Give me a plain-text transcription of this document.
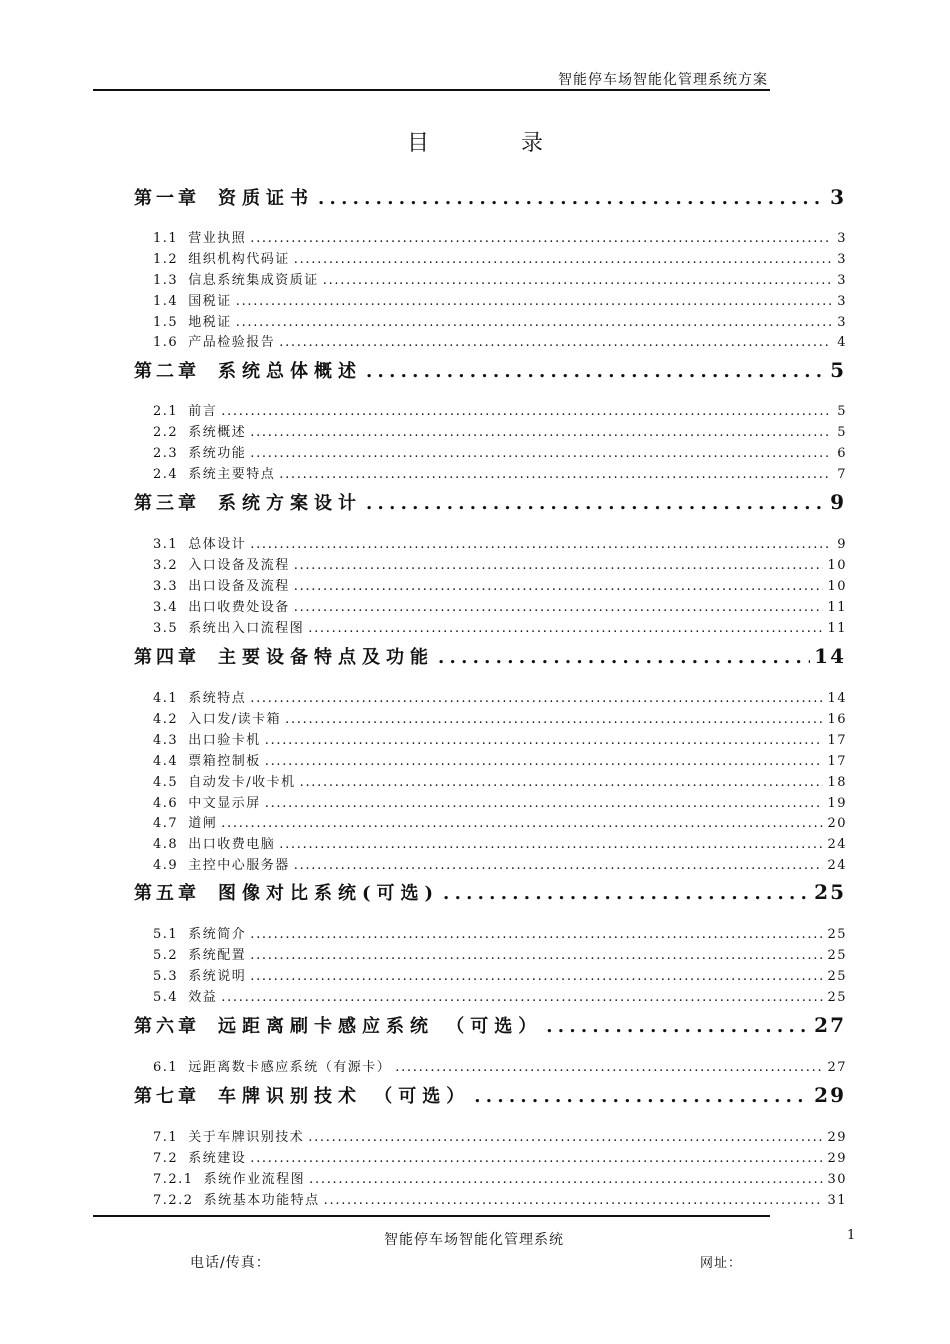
智能停车场智能化管理系统方案
目录
第一章 资质证书 . . .	3
1.1 营业执照 . . .	3
1.2 组织机构代码证 . . .	3
1.3 信息系统集成资质证 . . .	3
1.4 国税证 . . .	3
1.5 地税证 . . .	3
1.6 产品检验报告 . . .	4
第二章 系统总体概述 . . .	5
2.1 前言 . . .	5
2.2 系统概述 . . .	5
2.3 系统功能 . . .	6
2.4 系统主要特点 . . .	7
第三章 系统方案设计 . . .	9
3.1 总体设计 . . .	9
3.2 入口设备及流程 . . .	10
3.3 出口设备及流程 . . .	10
3.4 出口收费处设备 . . .	11
3.5 系统出入口流程图 . . .	11
第四章 主要设备特点及功能 . . .	14
4.1 系统特点 . . .	14
4.2 入口发/读卡箱 . . .	16
4.3 出口验卡机 . . .	17
4.4 票箱控制板 . . .	17
4.5 自动发卡/收卡机 . . .	18
4.6 中文显示屏 . . .	19
4.7 道闸 . . .	20
4.8 出口收费电脑 . . .	24
4.9 主控中心服务器 . . .	24
第五章 图像对比系统(可选) . . .	25
5.1 系统简介 . . .	25
5.2 系统配置 . . .	25
5.3 系统说明 . . .	25
5.4 效益 . . .	25
第六章 远距离刷卡感应系统 （可选） . . .	27
6.1 远距离数卡感应系统（有源卡） . . .	27
第七章 车牌识别技术 （可选） . . .	29
7.1 关于车牌识别技术 . . .	29
7.2 系统建设 . . .	29
7.2.1 系统作业流程图 . . .	30
7.2.2 系统基本功能特点 . . .	31
智能停车场智能化管理系统	1
电话/传真：	网址：
